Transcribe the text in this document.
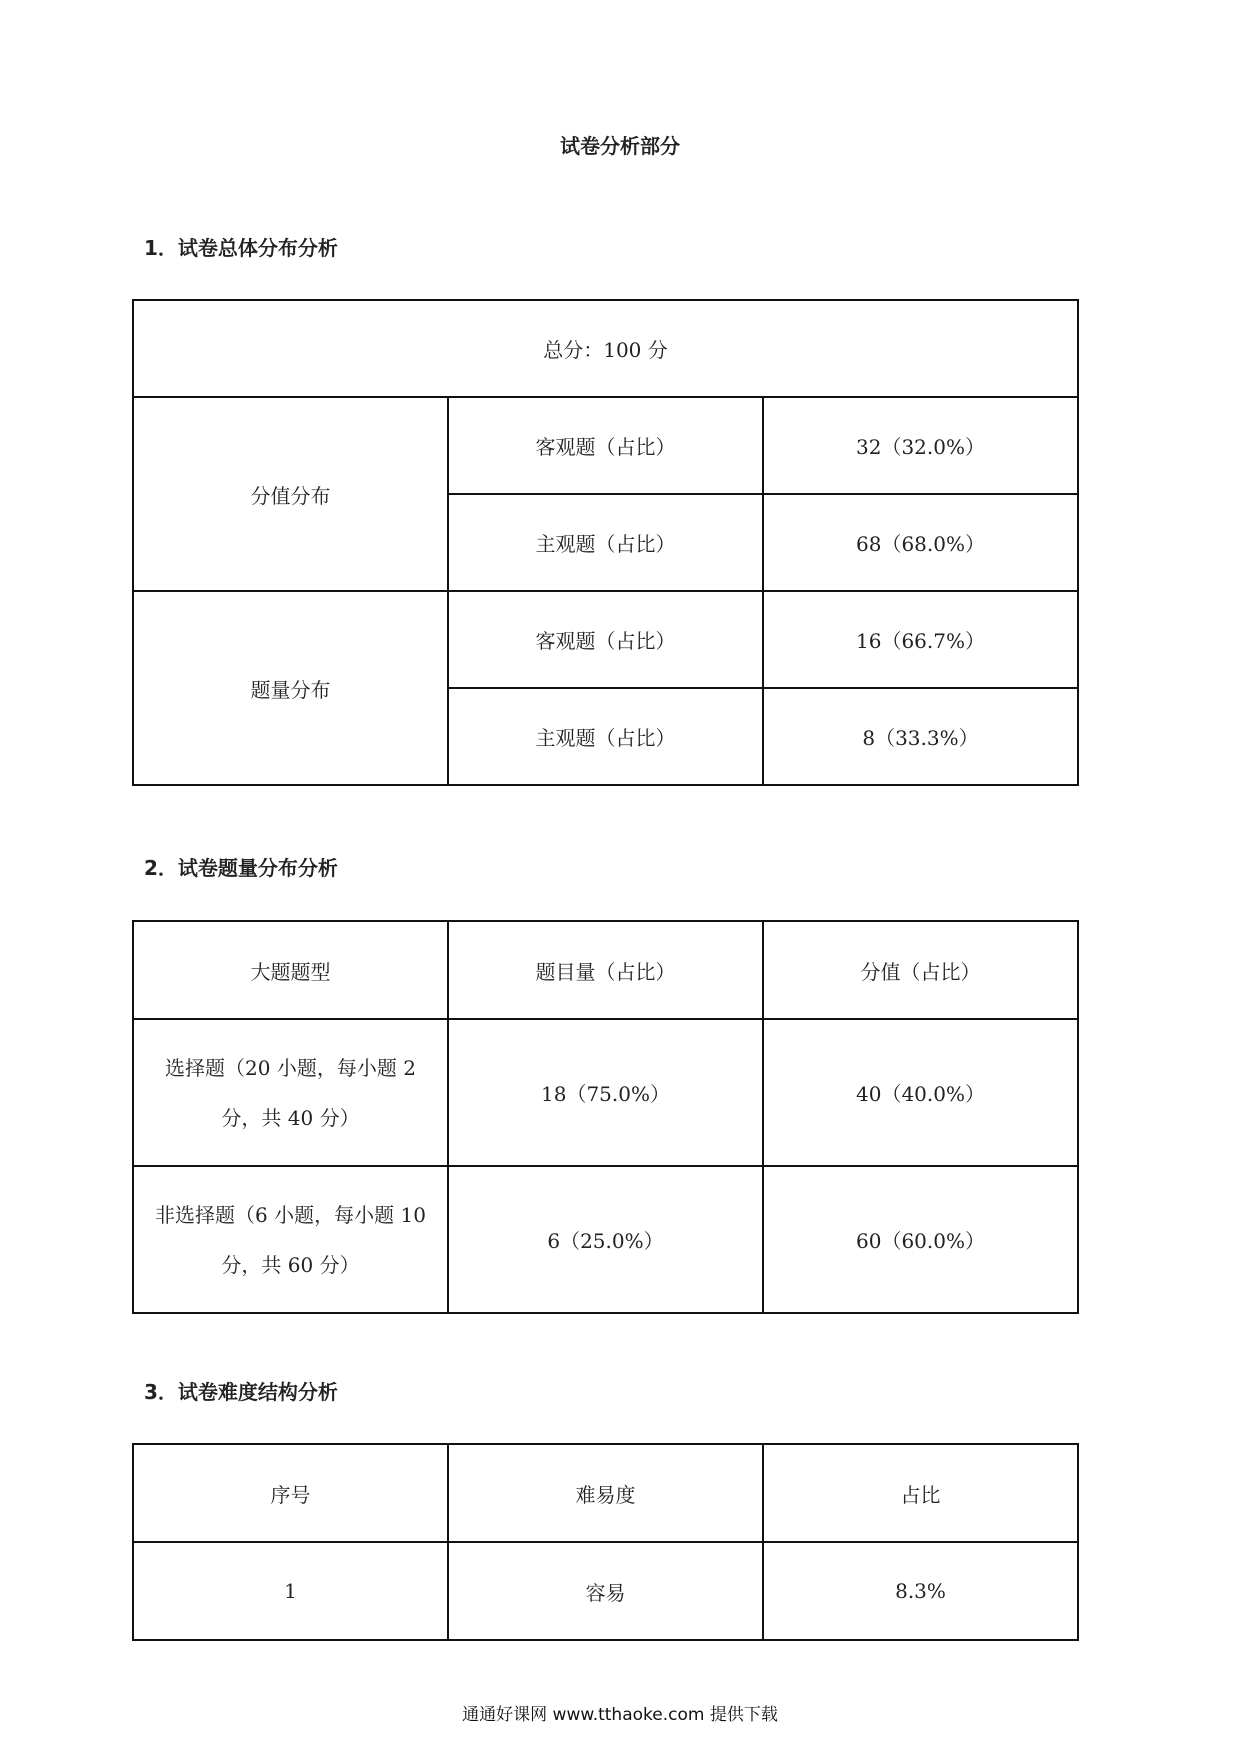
试卷分析部分
1．试卷总体分布分析
总分：100 分		
分值分布	客观题（占比）	32（32.0%）
	主观题（占比）	68（68.0%）
题量分布	客观题（占比）	16（66.7%）
	主观题（占比）	8（33.3%）
2．试卷题量分布分析
大题题型	题目量（占比）	分值（占比）
选择题（20 小题，每小题 2 分，共 40 分）	18（75.0%）	40（40.0%）
非选择题（6 小题，每小题 10 分，共 60 分）	6（25.0%）	60（60.0%）
3．试卷难度结构分析
序号	难易度	占比
1	容易	8.3%
通通好课网 www.tthaoke.com 提供下载
